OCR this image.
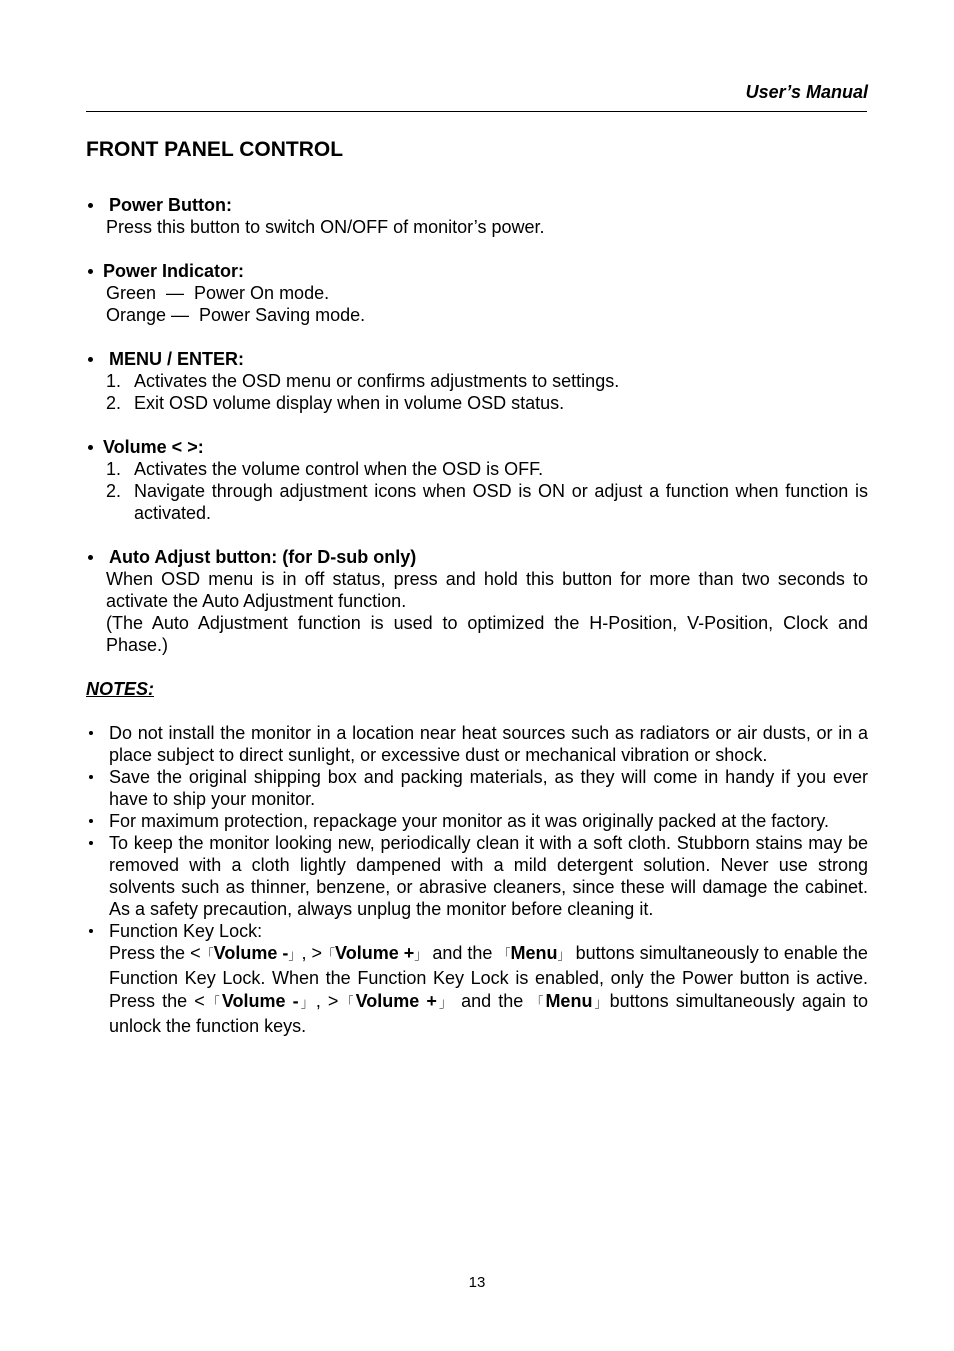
User’s Manual
FRONT PANEL CONTROL
Power Button:
Press this button to switch ON/OFF of monitor’s power.
Power Indicator:
Green  —  Power On mode.
Orange —  Power Saving mode.
MENU / ENTER:
1. Activates the OSD menu or confirms adjustments to settings.
2. Exit OSD volume display when in volume OSD status.
Volume < >:
1. Activates the volume control when the OSD is OFF.
2. Navigate through adjustment icons when OSD is ON or adjust a function when function is activated.
Auto Adjust button: (for D-sub only)
When OSD menu is in off status, press and hold this button for more than two seconds to activate the Auto Adjustment function.
(The Auto Adjustment function is used to optimized the H-Position, V-Position, Clock and Phase.)
NOTES:
Do not install the monitor in a location near heat sources such as radiators or air dusts, or in a place subject to direct sunlight, or excessive dust or mechanical vibration or shock.
Save the original shipping box and packing materials, as they will come in handy if you ever have to ship your monitor.
For maximum protection, repackage your monitor as it was originally packed at the factory.
To keep the monitor looking new, periodically clean it with a soft cloth. Stubborn stains may be removed with a cloth lightly dampened with a mild detergent solution. Never use strong solvents such as thinner, benzene, or abrasive cleaners, since these will damage the cabinet. As a safety precaution, always unplug the monitor before cleaning it.
Function Key Lock:
Press the <「Volume -」, >「Volume +」 and the 「Menu」 buttons simultaneously to enable the Function Key Lock. When the Function Key Lock is enabled, only the Power button is active. Press the <「Volume -」, >「Volume +」 and the 「Menu」buttons simultaneously again to unlock the function keys.
13
